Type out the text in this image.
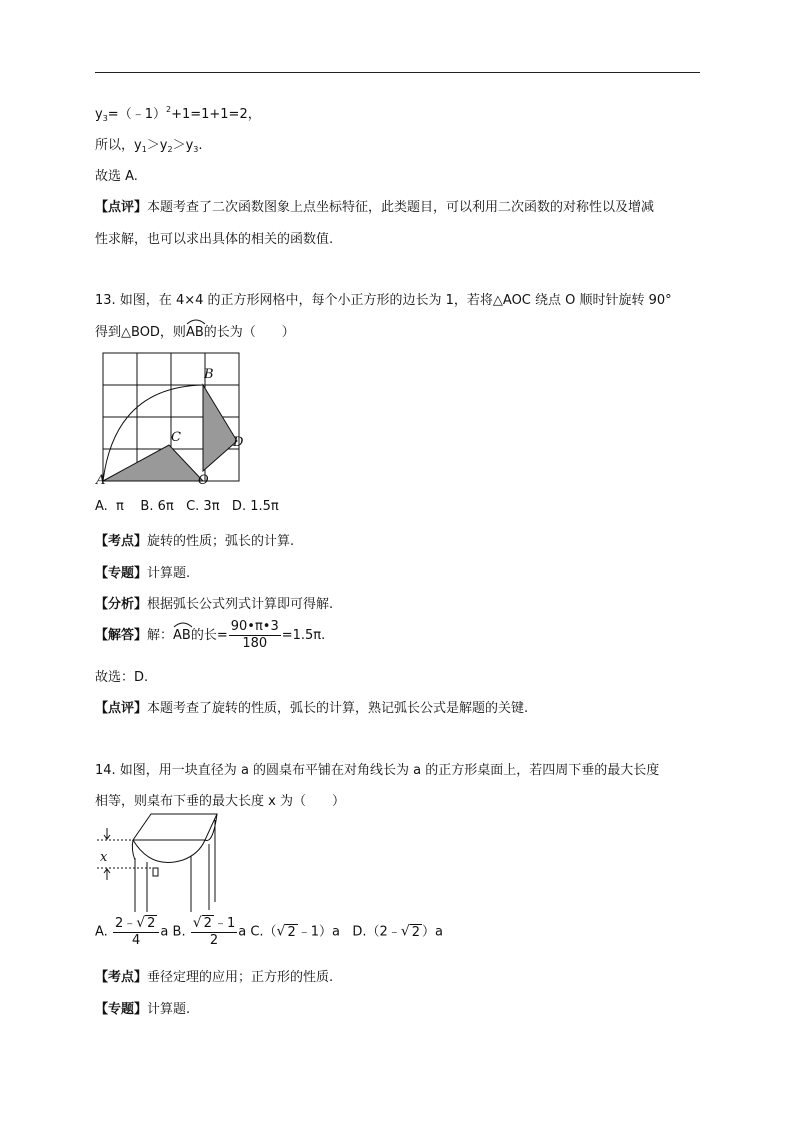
$y_3=(﹣1)^2+1=1+1=2$，
所以，$y_1>y_2>y_3$.
故选 A.
【点评】本题考查了二次函数图象上点坐标特征，此类题目，可以利用二次函数的对称性以及增减
性求解，也可以求出具体的相关的函数值.
13. 如图，在 4×4 的正方形网格中，每个小正方形的边长为 1，若将△AOC 绕点 O 顺时针旋转 90°
得到△BOD，则
AB的长为（　　）
A
B
C	D
O
A.  π    B. 6π   C. 3π   D. 1.5π
【考点】旋转的性质；弧长的计算.
【专题】计算题.
【分析】根据弧长公式列式计算即可得解.
【解答】解：
AB的长= $\frac{90•\pi•3}{180} =1.5\pi$.
故选：D.
【点评】本题考查了旋转的性质，弧长的计算，熟记弧长公式是解题的关键.
14. 如图，用一块直径为 a 的圆桌布平铺在对角线长为 a 的正方形桌面上，若四周下垂的最大长度
相等，则桌布下垂的最大长度 x 为（　　）
x
A. $\frac{2﹣√ 2}{4}$ a B. $\frac{√ 2 ﹣1}{2}$ a C.（√ 2 ﹣1）a D.（2﹣√ 2 ）a
【考点】垂径定理的应用；正方形的性质.
【专题】计算题.
